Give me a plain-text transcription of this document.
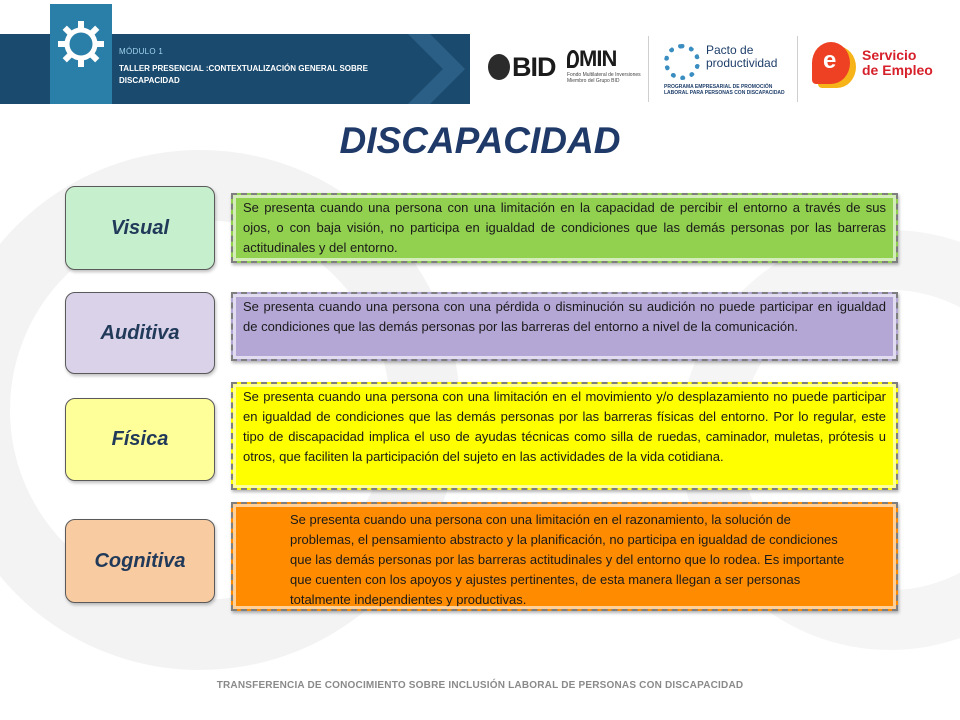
MÓDULO 1
TALLER PRESENCIAL :CONTEXTUALIZACIÓN GENERAL SOBRE DISCAPACIDAD	BID	MIN
Fondo Multilateral de Inversiones Miembro del Grupo BID
Pacto de productividad
PROGRAMA EMPRESARIAL DE PROMOCIÓN LABORAL PARA PERSONAS CON DISCAPACIDAD
e Servicio
de Empleo
DISCAPACIDAD
Visual
Se presenta cuando una persona con una limitación en la capacidad de percibir el entorno a través de sus ojos, o con baja visión, no participa en igualdad de condiciones que las demás personas por las barreras actitudinales y del entorno.
Auditiva
Se presenta cuando una persona con una pérdida o disminución su audición no puede participar en igualdad de condiciones que las demás personas por las barreras del entorno a nivel de la comunicación.
Física
Se presenta cuando una persona con una limitación en el movimiento y/o desplazamiento no puede participar en igualdad de condiciones que las demás personas por las barreras físicas del entorno. Por lo regular, este tipo de discapacidad implica el uso de ayudas técnicas como silla de ruedas, caminador, muletas, prótesis u otros, que faciliten la participación del sujeto en las actividades de la vida cotidiana.
Cognitiva
Se presenta cuando una persona con una limitación en el razonamiento, la solución de problemas, el pensamiento abstracto y la planificación, no participa en igualdad de condiciones que las demás personas por las barreras actitudinales y del entorno que lo rodea. Es importante que cuenten con los apoyos y ajustes pertinentes, de esta manera llegan a ser personas totalmente independientes y productivas.
TRANSFERENCIA DE CONOCIMIENTO SOBRE INCLUSIÓN LABORAL DE PERSONAS CON DISCAPACIDAD
